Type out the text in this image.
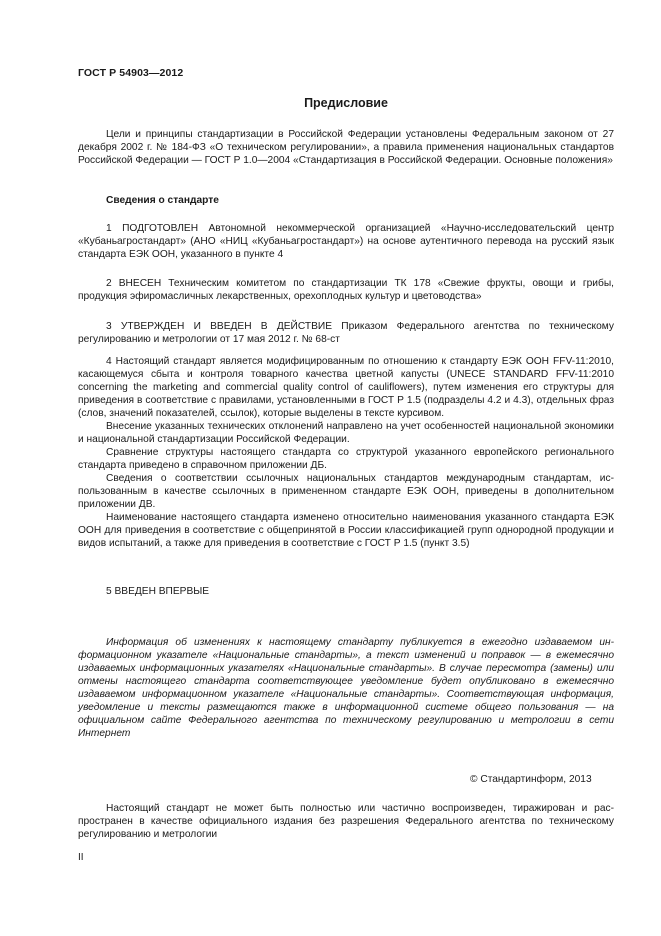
ГОСТ Р 54903—2012
Предисловие

Цели и принципы стандартизации в Российской Федерации установлены Федеральным законом от 27 декабря 2002 г. № 184-ФЗ «О техническом регулировании», а правила применения национальных стандартов Российской Федерации — ГОСТ Р 1.0—2004 «Стандартизация в Российской Федерации. Основные положения»

Сведения о стандарте

1 ПОДГОТОВЛЕН Автономной некоммерческой организацией «Научно-исследовательский центр «Кубаньагростандарт» (АНО «НИЦ «Кубаньагростандарт») на основе аутентичного перевода на русский язык стандарта ЕЭК ООН, указанного в пункте 4

2 ВНЕСЕН Техническим комитетом по стандартизации ТК 178 «Свежие фрукты, овощи и грибы, продукция эфиромасличных лекарственных, орехоплодных культур и цветоводства»

3 УТВЕРЖДЕН И ВВЕДЕН В ДЕЙСТВИЕ Приказом Федерального агентства по техническому регулированию и метрологии от 17 мая 2012 г. № 68-ст

4 Настоящий стандарт является модифицированным по отношению к стандарту ЕЭК ООН FFV-11:2010, касающемуся сбыта и контроля товарного качества цветной капусты (UNECE STANDARD FFV-11:2010 concerning the marketing and commercial quality control of cauliflowers), путем изменения его структуры для приведения в соответствие с правилами, установленными в ГОСТ Р 1.5 (подразделы 4.2 и 4.3), отдельных фраз (слов, значений показателей, ссылок), которые выделены в тексте курсивом.

Внесение указанных технических отклонений направлено на учет особенностей национальной экономики и национальной стандартизации Российской Федерации.

Сравнение структуры настоящего стандарта со структурой указанного европейского регионального стандарта приведено в справочном приложении ДБ.

Сведения о соответствии ссылочных национальных стандартов международным стандартам, использованным в качестве ссылочных в примененном стандарте ЕЭК ООН, приведены в дополнительном приложении ДВ.

Наименование настоящего стандарта изменено относительно наименования указанного стандарта ЕЭК ООН для приведения в соответствие с общепринятой в России классификацией групп однородной продукции и видов испытаний, а также для приведения в соответствие с ГОСТ Р 1.5 (пункт 3.5)

5 ВВЕДЕН ВПЕРВЫЕ

Информация об изменениях к настоящему стандарту публикуется в ежегодно издаваемом информационном указателе «Национальные стандарты», а текст изменений и поправок — в ежемесячно издаваемых информационных указателях «Национальные стандарты». В случае пересмотра (замены) или отмены настоящего стандарта соответствующее уведомление будет опубликовано в ежемесячно издаваемом информационном указателе «Национальные стандарты». Соответствующая информация, уведомление и тексты размещаются также в информационной системе общего пользования — на официальном сайте Федерального агентства по техническому регулированию и метрологии в сети Интернет

© Стандартинформ, 2013

Настоящий стандарт не может быть полностью или частично воспроизведен, тиражирован и распространен в качестве официального издания без разрешения Федерального агентства по техническому регулированию и метрологии

II
